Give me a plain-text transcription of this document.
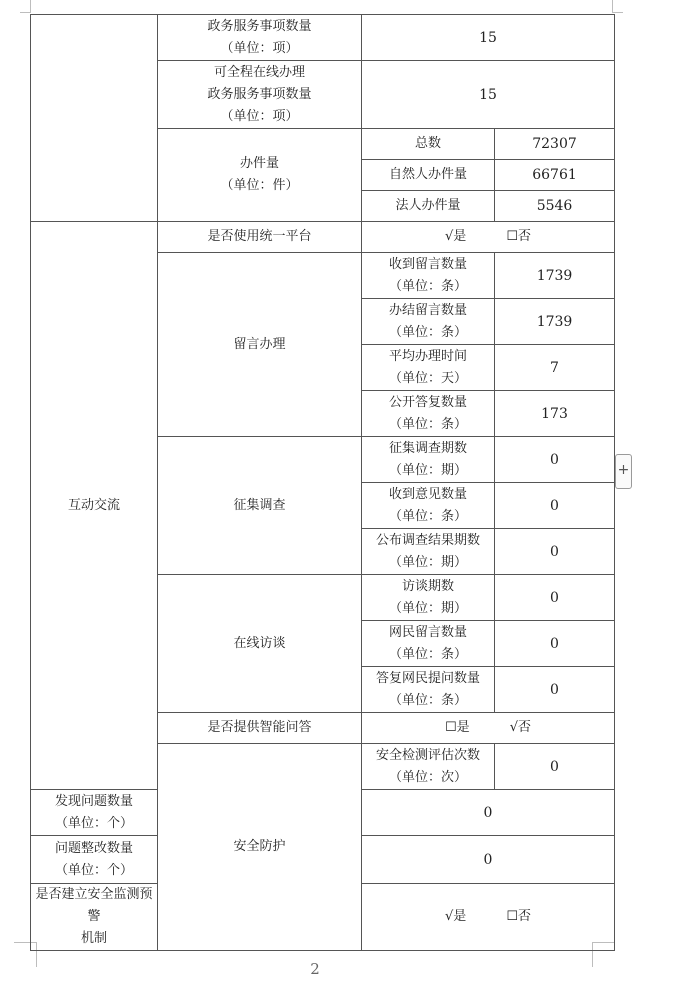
	政务服务事项数量
（单位：项）	15	

	可全程在线办理
政务服务事项数量
（单位：项）	15	

	办件量
（单位：件）	总数	72307
		自然人办件量	66761
		法人办件量	5546
互动交流	是否使用统一平台	√是 ☐否	
	留言办理	收到留言数量
（单位：条）	1739

		办结留言数量
（单位：条）	1739

		平均办理时间
（单位：天）	7

		公开答复数量
（单位：条）	173
	征集调查	征集调查期数
（单位：期）	0

		收到意见数量
（单位：条）	0

		公布调查结果期数
（单位：期）	0
	在线访谈	访谈期数
（单位：期）	0

		网民留言数量
（单位：条）	0

		答复网民提问数量
（单位：条）	0
	是否提供智能问答	☐是 √否	
	安全防护	安全检测评估次数
（单位：次）	0

发现问题数量
（单位：个）		0	

问题整改数量
（单位：个）		0	

是否建立安全监测预警
机制		√是 ☐否	
+
2
